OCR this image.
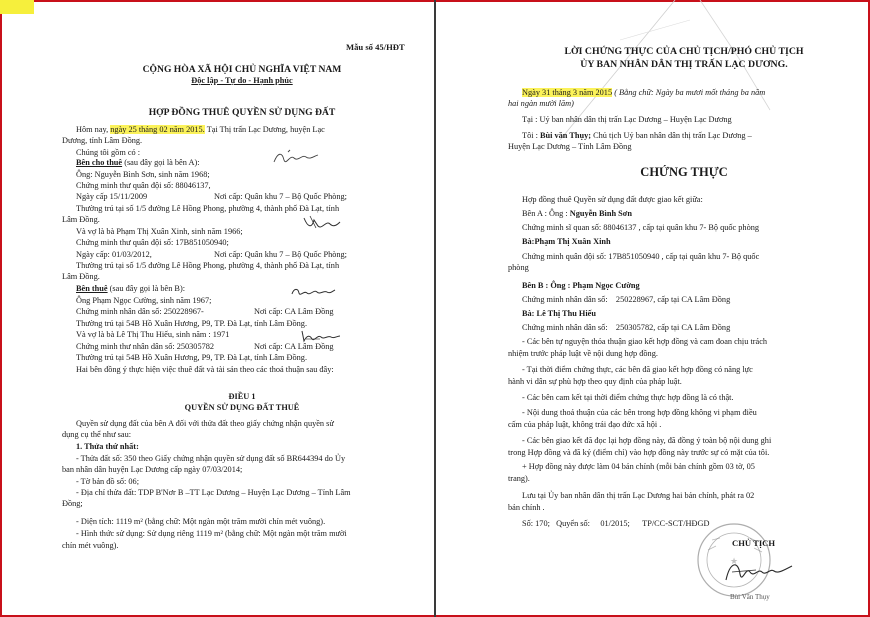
Mẫu số 45/HĐT
CỘNG HÒA XÃ HỘI CHỦ NGHĨA VIỆT NAM
Độc lập - Tự do - Hạnh phúc
HỢP ĐỒNG THUÊ QUYỀN SỬ DỤNG ĐẤT
Hôm nay, ngày 25 tháng 02 năm 2015. Tại Thị trấn Lạc Dương, huyện Lạc
Dương, tỉnh Lâm Đồng.
Chúng tôi gồm có :
Bên cho thuê (sau đây gọi là bên A):
Ông: Nguyễn Bình Sơn, sinh năm 1968;
Chứng minh thư quân đội số: 88046137,
Ngày cấp 15/11/2009	Nơi cấp: Quân khu 7 – Bộ Quốc Phòng;
Thường trú tại số 1/5 đường Lê Hồng Phong, phường 4, thành phố Đà Lạt, tỉnh
Lâm Đồng.
Và vợ là bà Phạm Thị Xuân Xinh, sinh năm 1966;
Chứng minh thư quân đội số: 17B851050940;
Ngày cấp: 01/03/2012,	Nơi cấp: Quân khu 7 – Bộ Quốc Phòng;
Thường trú tại số 1/5 đường Lê Hồng Phong, phường 4, thành phố Đà Lạt, tỉnh
Lâm Đồng.
Bên thuê (sau đây gọi là bên B):
Ông Phạm Ngọc Cường, sinh năm 1967;
Chứng minh nhân dân số: 250228967-	Nơi cấp: CA Lâm Đồng
Thường trú tại 54B Hồ Xuân Hương, P9, TP. Đà Lạt, tỉnh Lâm Đồng.
Và vợ là bà Lê Thị Thu Hiếu, sinh năm : 1971
Chứng minh thư nhân dân số: 250305782	Nơi cấp: CA Lâm Đồng
Thường trú tại 54B Hồ Xuân Hương, P9, TP. Đà Lạt, tỉnh Lâm Đồng.
Hai bên đồng ý thực hiện việc thuê đất và tài sản theo các thoả thuận sau đây:
ĐIỀU 1
QUYỀN SỬ DỤNG ĐẤT THUÊ
Quyền sử dụng đất của bên A đối với thửa đất theo giấy chứng nhận quyền sử
dụng cụ thể như sau:
1. Thửa thứ nhất:
- Thửa đất số: 350 theo Giấy chứng nhận quyền sử dụng đất số BR644394 do Ủy
ban nhân dân huyện Lạc Dương cấp ngày 07/03/2014;
- Tờ bản đồ số: 06;
- Địa chỉ thửa đất: TDP B'Nơr B –TT Lạc Dương – Huyện Lạc Dương – Tỉnh Lâm
Đồng;
- Diện tích: 1119 m² (bằng chữ: Một ngàn một trăm mười chín mét vuông).
- Hình thức sử dụng: Sử dụng riêng 1119 m² (bằng chữ: Một ngàn một trăm mười
chín mét vuông).
LỜI CHỨNG THỰC CỦA CHỦ TỊCH/PHÓ CHỦ TỊCH
ỦY BAN NHÂN DÂN THỊ TRẤN LẠC DƯƠNG.
Ngày 31 tháng 3 năm 2015 ( Bằng chữ: Ngày ba mươi mốt tháng ba năm
hai ngàn mười lăm)
Tại : Uỷ ban nhân dân thị trấn Lạc Dương – Huyện Lạc Dương
Tôi : Bùi văn Thụy; Chủ tịch Uỷ ban nhân dân thị trấn Lạc Dương –
Huyện Lạc Dương – Tỉnh Lâm Đồng
CHỨNG THỰC
Hợp đồng thuê Quyền sử dụng đất được giao kết giữa:
Bên A : Ông : Nguyễn Bình Sơn
Chứng minh sĩ quan số: 88046137 , cấp tại quân khu 7- Bộ quốc phòng
Bà:Phạm Thị Xuân Xinh
Chứng minh quân đội số: 17B851050940 , cấp tại quân khu 7- Bộ quốc
phòng
Bên B : Ông : Phạm Ngọc Cường
Chứng minh nhân dân số:    250228967, cấp tại CA Lâm Đồng
Bà: Lê Thị Thu Hiếu
Chứng minh nhân dân số:    250305782, cấp tại CA Lâm Đồng
- Các bên tự nguyện thỏa thuận giao kết hợp đồng và cam đoan chịu trách
nhiệm trước pháp luật về nội dung hợp đồng.
- Tại thời điểm chứng thực, các bên đã giao kết hợp đồng có năng lực
hành vi dân sự phù hợp theo quy định của pháp luật.
- Các bên cam kết tại thời điểm chứng thực hợp đồng là có thật.
- Nội dung thoả thuận của các bên trong hợp đồng không vi phạm điều
cấm của pháp luật, không trái đạo đức xã hội .
- Các bên giao kết đã đọc lại hợp đồng này, đã đồng ý toàn bộ nội dung ghi
trong Hợp đồng và đã ký (điểm chỉ) vào hợp đồng này trước sự có mặt của tôi.
+ Hợp đồng này được làm 04 bản chính (mỗi bản chính gồm 03 tờ, 05
trang).
Lưu tại Ủy ban nhân dân thị trấn Lạc Dương hai bản chính, phát ra 02
bản chính .
Số: 170;   Quyển số:     01/2015;      TP/CC-SCT/HĐGD
★
CHỦ TỊCH
Bùi Văn Thụy
